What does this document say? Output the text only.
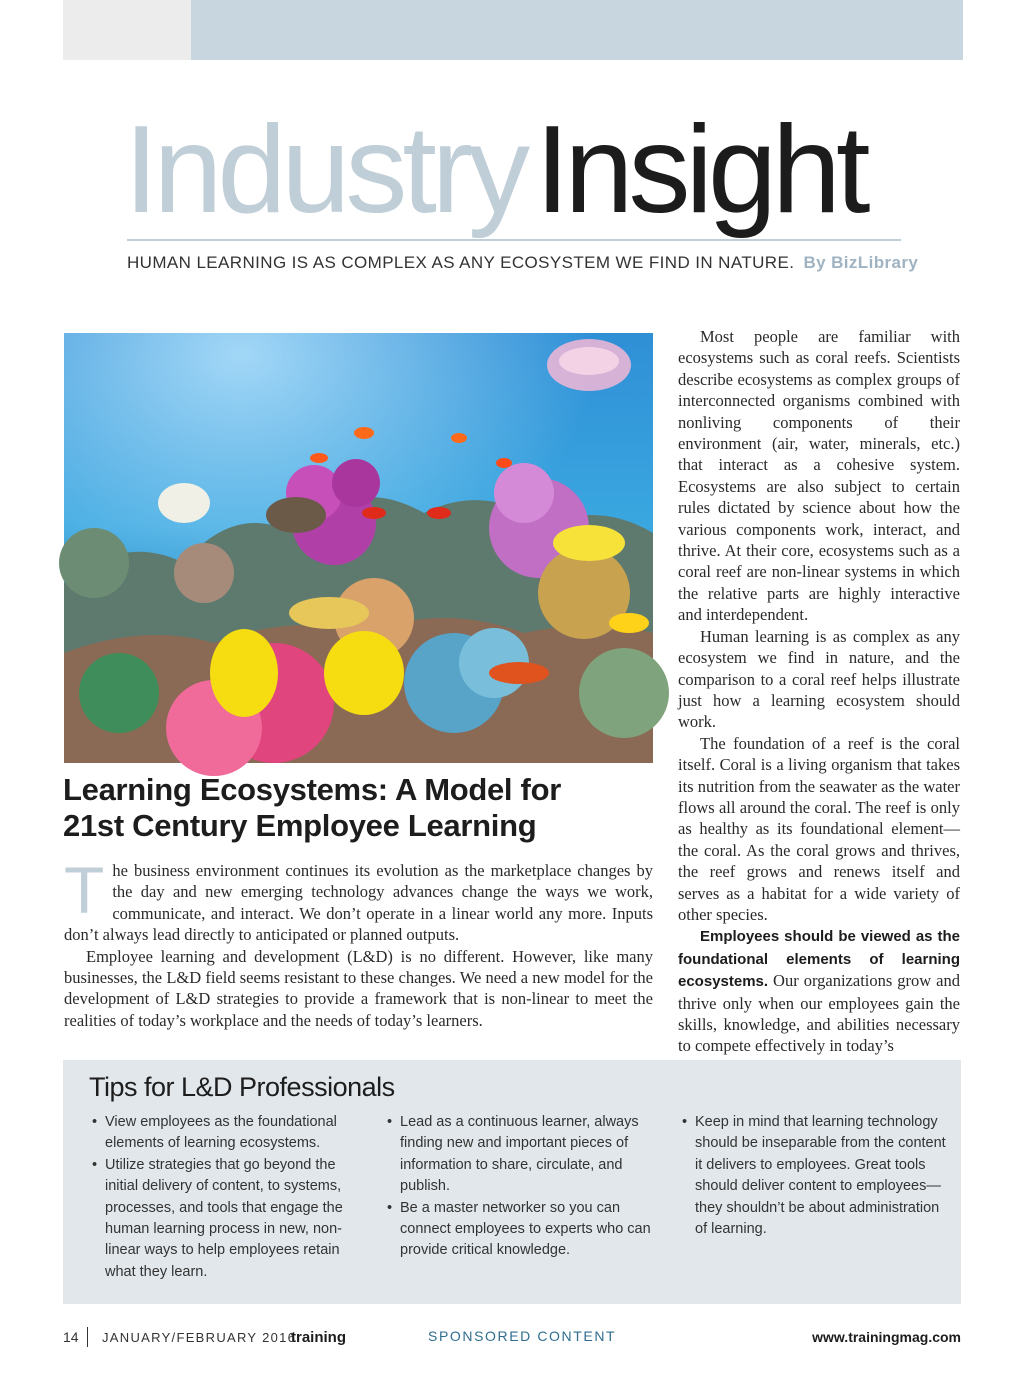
IndustryInsight
HUMAN LEARNING IS AS COMPLEX AS ANY ECOSYSTEM WE FIND IN NATURE. By BizLibrary
Learning Ecosystems: A Model for
21st Century Employee Learning

The business environment continues its evolution as the marketplace changes by the day and new emerging technology advances change the ways we work, communicate, and interact. We don’t operate in a linear world any more. Inputs don’t always lead directly to anticipated or planned outputs.

Employee learning and development (L&D) is no different. However, like many businesses, the L&D field seems resistant to these changes. We need a new model for the development of L&D strategies to provide a framework that is non-linear to meet the realities of today’s workplace and the needs of today’s learners.

Most people are familiar with ecosystems such as coral reefs. Scientists describe ecosystems as complex groups of interconnected organisms combined with nonliving components of their environment (air, water, minerals, etc.) that interact as a cohesive system. Ecosystems are also subject to certain rules dictated by science about how the various components work, interact, and thrive. At their core, ecosystems such as a coral reef are non-linear systems in which the relative parts are highly interactive and interdependent.

Human learning is as complex as any ecosystem we find in nature, and the comparison to a coral reef helps illustrate just how a learning ecosystem should work.

The foundation of a reef is the coral itself. Coral is a living organism that takes its nutrition from the seawater as the water flows all around the coral. The reef is only as healthy as its foundational element—the coral. As the coral grows and thrives, the reef grows and renews itself and serves as a habitat for a wide variety of other species.

Employees should be viewed as the foundational elements of learning ecosystems. Our organizations grow and thrive only when our employees gain the skills, knowledge, and abilities necessary to compete effectively in today’s

Tips for L&D Professionals
• View employees as the foundational elements of learning ecosystems.
• Utilize strategies that go beyond the initial delivery of content, to systems, processes, and tools that engage the human learning process in new, non-linear ways to help employees retain what they learn.
• Lead as a continuous learner, always finding new and important pieces of information to share, circulate, and publish.
• Be a master networker so you can connect employees to experts who can provide critical knowledge.
• Keep in mind that learning technology should be inseparable from the content it delivers to employees. Great tools should deliver content to employees—they shouldn’t be about administration of learning.
14 JANUARY/FEBRUARY 2016
training	SPONSORED CONTENT	www.trainingmag.com
